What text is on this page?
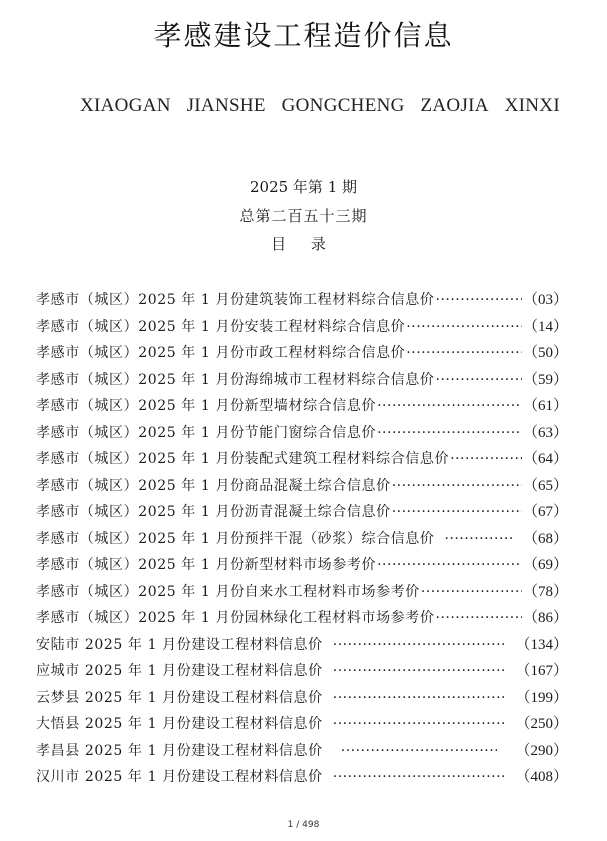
孝感建设工程造价信息
XIAOGAN JIANSHE GONGCHENG ZAOJIA XINXI
2025 年第 1 期
总第二百五十三期
目 录
孝感市（城区）2025 年 1 月份建筑装饰工程材料综合信息价 ·····	（03）
孝感市（城区）2025 年 1 月份安装工程材料综合信息价 ·····	（14）
孝感市（城区）2025 年 1 月份市政工程材料综合信息价 ·····	（50）
孝感市（城区）2025 年 1 月份海绵城市工程材料综合信息价 ·····	（59）
孝感市（城区）2025 年 1 月份新型墙材综合信息价 ·····	（61）
孝感市（城区）2025 年 1 月份节能门窗综合信息价 ·····	（63）
孝感市（城区）2025 年 1 月份装配式建筑工程材料综合信息价 ·····	（64）
孝感市（城区）2025 年 1 月份商品混凝土综合信息价 ·····	（65）
孝感市（城区）2025 年 1 月份沥青混凝土综合信息价 ·····	（67）
孝感市（城区）2025 年 1 月份预拌干混（砂浆）综合信息价 ·····	（68）
孝感市（城区）2025 年 1 月份新型材料市场参考价 ·····	（69）
孝感市（城区）2025 年 1 月份自来水工程材料市场参考价 ·····	（78）
孝感市（城区）2025 年 1 月份园林绿化工程材料市场参考价 ·····	（86）
安陆市 2025 年 1 月份建设工程材料信息价 ·····	（134）
应城市 2025 年 1 月份建设工程材料信息价 ·····	（167）
云梦县 2025 年 1 月份建设工程材料信息价 ·····	（199）
大悟县 2025 年 1 月份建设工程材料信息价 ·····	（250）
孝昌县 2025 年 1 月份建设工程材料信息价 ·····	（290）
汉川市 2025 年 1 月份建设工程材料信息价 ·····	（408）
1 / 498
